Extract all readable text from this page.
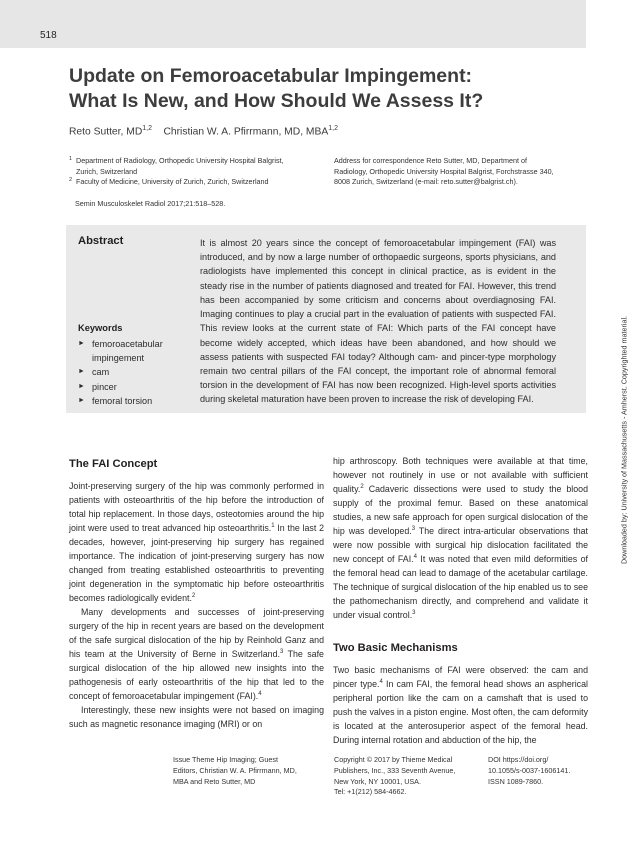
518
Update on Femoroacetabular Impingement:
What Is New, and How Should We Assess It?
Reto Sutter, MD$^{1,2}$ Christian W. A. Pfirrmann, MD, MBA$^{1,2}$
1 Department of Radiology, Orthopedic University Hospital Balgrist,
Zurich, Switzerland
2 Faculty of Medicine, University of Zurich, Zurich, Switzerland
Address for correspondence Reto Sutter, MD, Department of
Radiology, Orthopedic University Hospital Balgrist, Forchstrasse 340,
8008 Zurich, Switzerland (e-mail: reto.sutter@balgrist.ch).
Semin Musculoskelet Radiol 2017;21:518–528.
Abstract	It is almost 20 years since the concept of femoroacetabular impingement (FAI) was introduced, and by now a large number of orthopaedic surgeons, sports physicians, and radiologists have implemented this concept in clinical practice, as is evident in the steady rise in the number of patients diagnosed and treated for FAI. However, this trend has been accompanied by some criticism and concerns about overdiagnosing FAI. Imaging continues to play a crucial part in the evaluation of patients with suspected FAI. This review looks at the current state of FAI: Which parts of the FAI concept have become widely accepted, which ideas have been abandoned, and how should we assess patients with suspected FAI today? Although cam- and pincer-type morphology remain two central pillars of the FAI concept, the important role of abnormal femoral torsion in the development of FAI has now been recognized. High-level sports activities during skeletal maturation have been proven to increase the risk of developing FAI.

Keywords
► femoroacetabular impingement
► cam
► pincer
► femoral torsion	Downloaded by: University of Massachusetts - Amherst. Copyrighted material.
The FAI Concept

Joint-preserving surgery of the hip was commonly performed in patients with osteoarthritis of the hip before the introduction of total hip replacement. In those days, osteotomies around the hip joint were used to treat advanced hip osteoarthritis.$^1$ In the last 2 decades, however, joint-preserving hip surgery has regained importance. The indication of joint-preserving surgery has now changed from treating established osteoarthritis to preventing joint degeneration in the symptomatic hip before osteoarthritis becomes radiologically evident.$^2$

Many developments and successes of joint-preserving surgery of the hip in recent years are based on the development of the safe surgical dislocation of the hip by Reinhold Ganz and his team at the University of Berne in Switzerland.$^3$ The safe surgical dislocation of the hip allowed new insights into the pathogenesis of early osteoarthritis of the hip that led to the concept of femoroacetabular impingement (FAI).$^4$

Interestingly, these new insights were not based on imaging such as magnetic resonance imaging (MRI) or on

hip arthroscopy. Both techniques were available at that time, however not routinely in use or not available with sufficient quality.$^2$ Cadaveric dissections were used to study the blood supply of the proximal femur. Based on these anatomical studies, a new safe approach for open surgical dislocation of the hip was developed.$^3$ The direct intra-articular observations that were now possible with surgical hip dislocation facilitated the new concept of FAI.$^4$ It was noted that even mild deformities of the femoral head can lead to damage of the acetabular cartilage. The technique of surgical dislocation of the hip enabled us to see the pathomechanism directly, and comprehend and validate it under visual control.$^3$

Two Basic Mechanisms

Two basic mechanisms of FAI were observed: the cam and pincer type.$^4$ In cam FAI, the femoral head shows an aspherical peripheral portion like the cam on a camshaft that is used to push the valves in a piston engine. Most often, the cam deformity is located at the anterosuperior aspect of the femoral head. During internal rotation and abduction of the hip, the

Issue Theme Hip Imaging; Guest
Editors, Christian W. A. Pfirrmann, MD,
MBA and Reto Sutter, MD
Copyright © 2017 by Thieme Medical
Publishers, Inc., 333 Seventh Avenue,
New York, NY 10001, USA.
Tel: +1(212) 584-4662.
DOI https://doi.org/
10.1055/s-0037-1606141.
ISSN 1089-7860.
